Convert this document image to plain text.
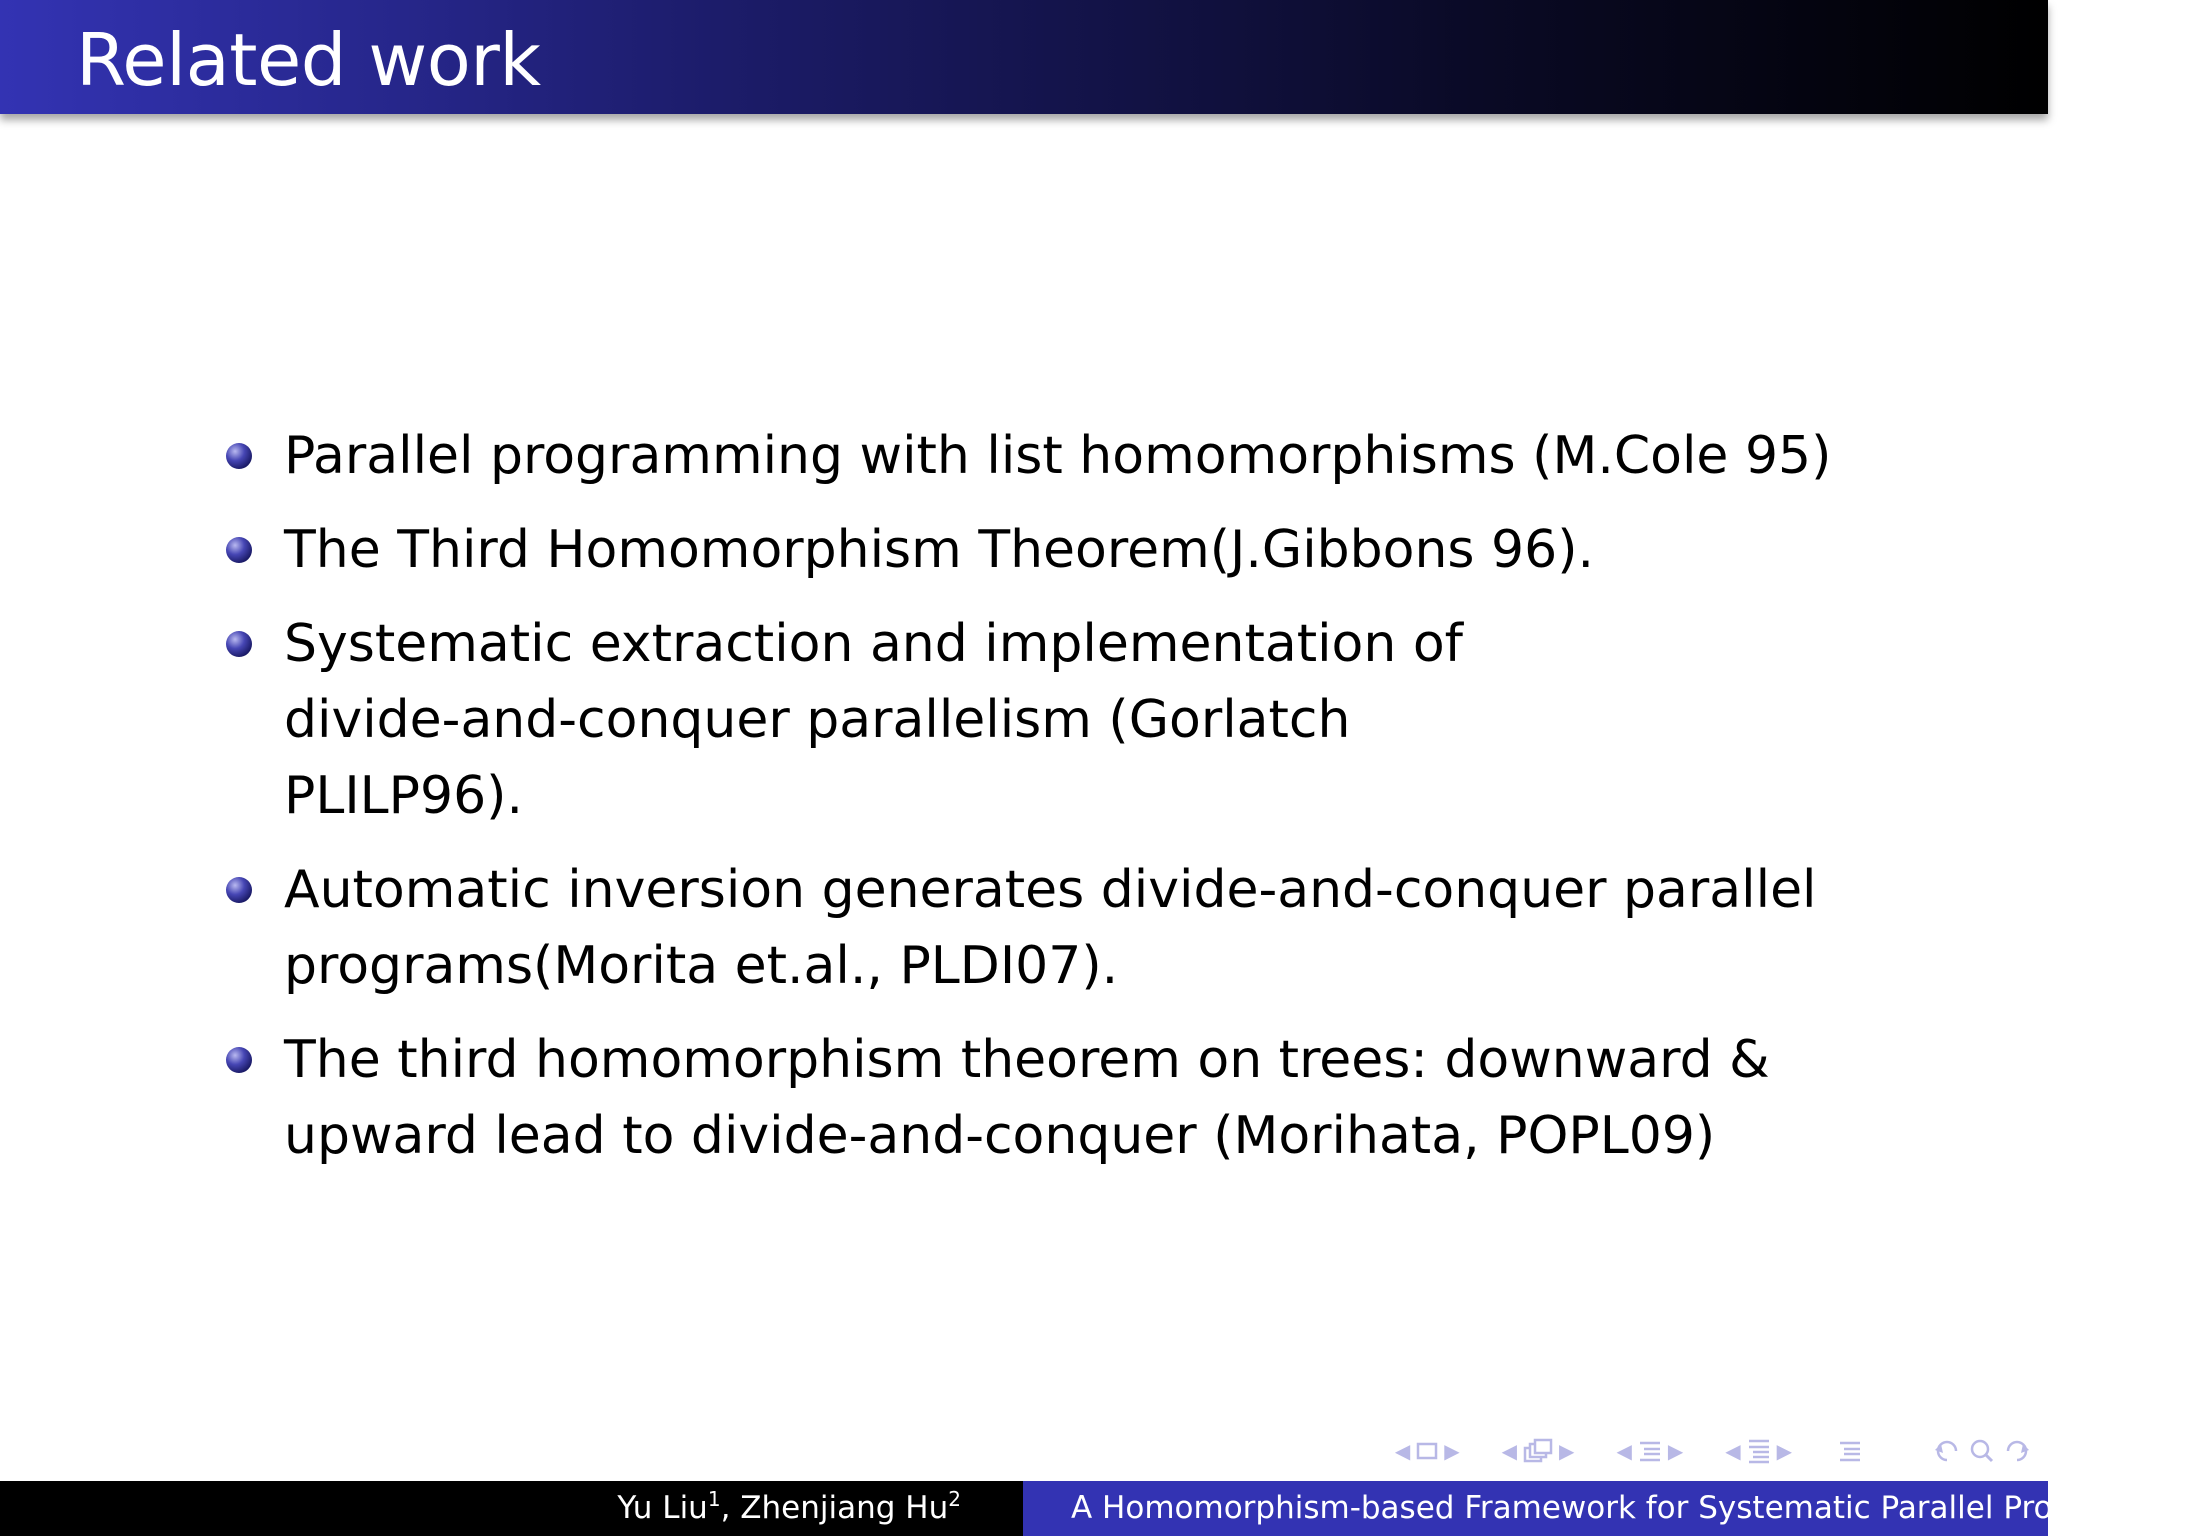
Related work
Parallel programming with list homomorphisms (M.Cole 95)
The Third Homomorphism Theorem(J.Gibbons 96).
Systematic extraction and implementation of divide-and-conquer parallelism (Gorlatch PLILP96).
Automatic inversion generates divide-and-conquer parallel programs(Morita et.al., PLDI07).
The third homomorphism theorem on trees: downward & upward lead to divide-and-conquer (Morihata, POPL09)
◀	▶	◀	▶	◀	▶	◀	▶
Yu Liu$^1$, Zhenjiang Hu$^2$	A Homomorphism-based Framework for Systematic Parallel Programming
